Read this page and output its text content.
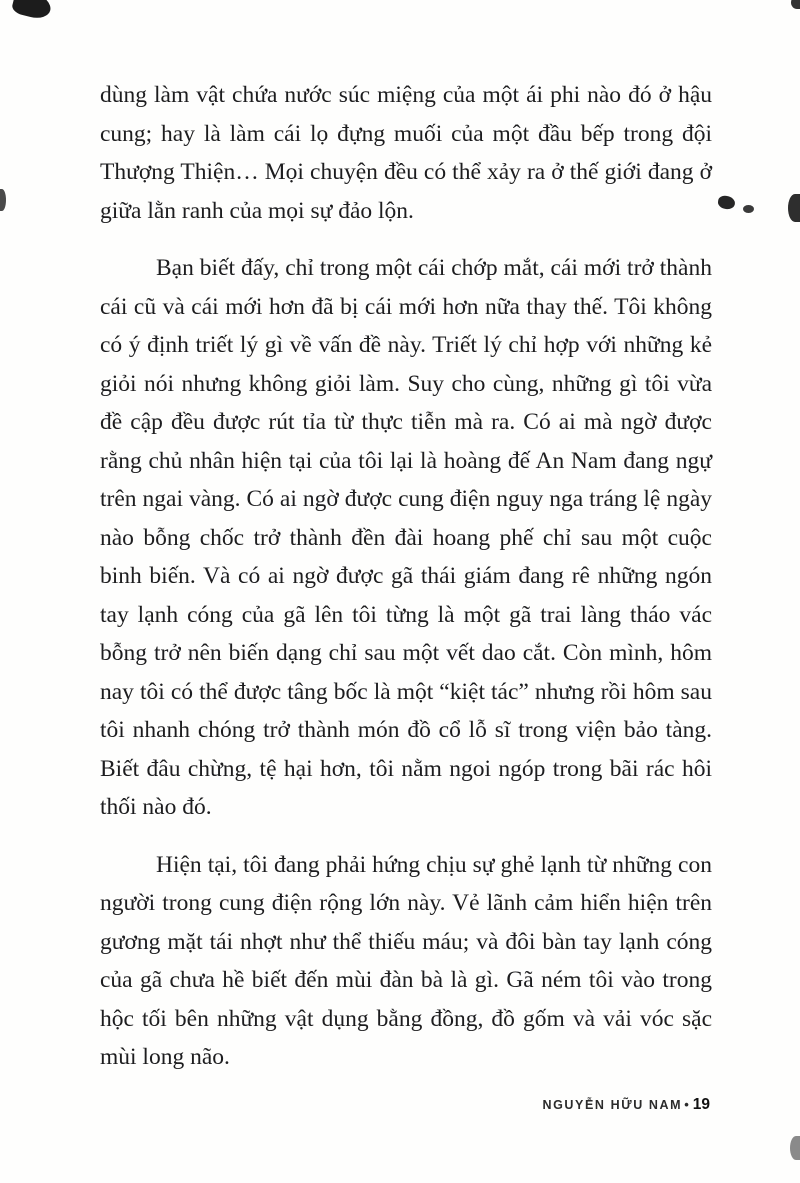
dùng làm vật chứa nước súc miệng của một ái phi nào đó ở hậu cung; hay là làm cái lọ đựng muối của một đầu bếp trong đội Thượng Thiện… Mọi chuyện đều có thể xảy ra ở thế giới đang ở giữa lằn ranh của mọi sự đảo lộn.

Bạn biết đấy, chỉ trong một cái chớp mắt, cái mới trở thành cái cũ và cái mới hơn đã bị cái mới hơn nữa thay thế. Tôi không có ý định triết lý gì về vấn đề này. Triết lý chỉ hợp với những kẻ giỏi nói nhưng không giỏi làm. Suy cho cùng, những gì tôi vừa đề cập đều được rút tỉa từ thực tiễn mà ra. Có ai mà ngờ được rằng chủ nhân hiện tại của tôi lại là hoàng đế An Nam đang ngự trên ngai vàng. Có ai ngờ được cung điện nguy nga tráng lệ ngày nào bỗng chốc trở thành đền đài hoang phế chỉ sau một cuộc binh biến. Và có ai ngờ được gã thái giám đang rê những ngón tay lạnh cóng của gã lên tôi từng là một gã trai làng tháo vác bỗng trở nên biến dạng chỉ sau một vết dao cắt. Còn mình, hôm nay tôi có thể được tâng bốc là một “kiệt tác” nhưng rồi hôm sau tôi nhanh chóng trở thành món đồ cổ lỗ sĩ trong viện bảo tàng. Biết đâu chừng, tệ hại hơn, tôi nằm ngoi ngóp trong bãi rác hôi thối nào đó.

Hiện tại, tôi đang phải hứng chịu sự ghẻ lạnh từ những con người trong cung điện rộng lớn này. Vẻ lãnh cảm hiển hiện trên gương mặt tái nhợt như thể thiếu máu; và đôi bàn tay lạnh cóng của gã chưa hề biết đến mùi đàn bà là gì. Gã ném tôi vào trong hộc tối bên những vật dụng bằng đồng, đồ gốm và vải vóc sặc mùi long não.

NGUYỄN HỮU NAM • 19
